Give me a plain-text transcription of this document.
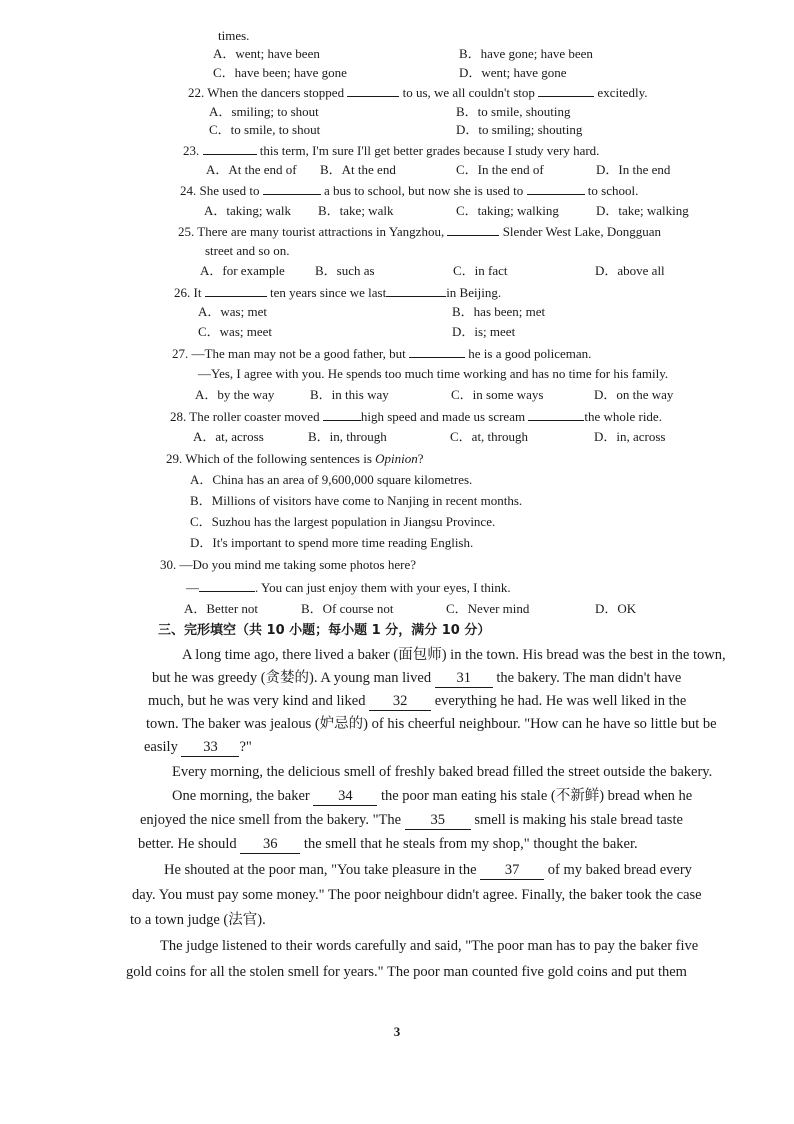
times.
A．went; have been	B．have gone; have been
C．have been; have gone	D．went; have gone
22. When the dancers stopped	to us, we all couldn't stop	excitedly.
A．smiling; to shout	B．to smile, shouting
C．to smile, to shout	D．to smiling; shouting
23.	this term, I'm sure I'll get better grades because I study very hard.
A．At the end of B．At the end	C．In the end of	D．In the end
24. She used to	a bus to school, but now she is used to	to school.
A．taking; walk B．take; walk	C．taking; walking	D．take; walking
25. There are many tourist attractions in Yangzhou,	Slender West Lake, Dongguan
street and so on.
A．for example B．such as	C．in fact	D．above all
26. It	ten years since we last	in Beijing.
A．was; met	B．has been; met
C．was; meet	D．is; meet
27. —The man may not be a good father, but	he is a good policeman.
—Yes, I agree with you. He spends too much time working and has no time for his family.
A．by the way	B．in this way	C．in some ways	D．on the way
28. The roller coaster moved	high speed and made us scream	the whole ride.
A．at, across	B．in, through	C．at, through	D．in, across
29. Which of the following sentences is Opinion?
A．China has an area of 9,600,000 square kilometres.
B．Millions of visitors have come to Nanjing in recent months.
C．Suzhou has the largest population in Jiangsu Province.
D．It's important to spend more time reading English.
30. —Do you mind me taking some photos here?
—	. You can just enjoy them with your eyes, I think.
A．Better not	B．Of course not	C．Never mind	D．OK
三、完形填空（共 10 小题；每小题 1 分，满分 10 分）
A long time ago, there lived a baker (面包师) in the town. His bread was the best in the town,
but he was greedy (贪婪的). A young man lived 31 the bakery. The man didn't have
much, but he was very kind and liked 32 everything he had. He was well liked in the
town. The baker was jealous (妒忌的) of his cheerful neighbour. "How can he have so little but be
easily 33 ?"
Every morning, the delicious smell of freshly baked bread filled the street outside the bakery.
One morning, the baker 34 the poor man eating his stale (不新鲜) bread when he
enjoyed the nice smell from the bakery. "The 35 smell is making his stale bread taste
better. He should 36 the smell that he steals from my shop," thought the baker.
He shouted at the poor man, "You take pleasure in the 37 of my baked bread every
day. You must pay some money." The poor neighbour didn't agree. Finally, the baker took the case
to a town judge (法官).
The judge listened to their words carefully and said, "The poor man has to pay the baker five
gold coins for all the stolen smell for years." The poor man counted five gold coins and put them
3
